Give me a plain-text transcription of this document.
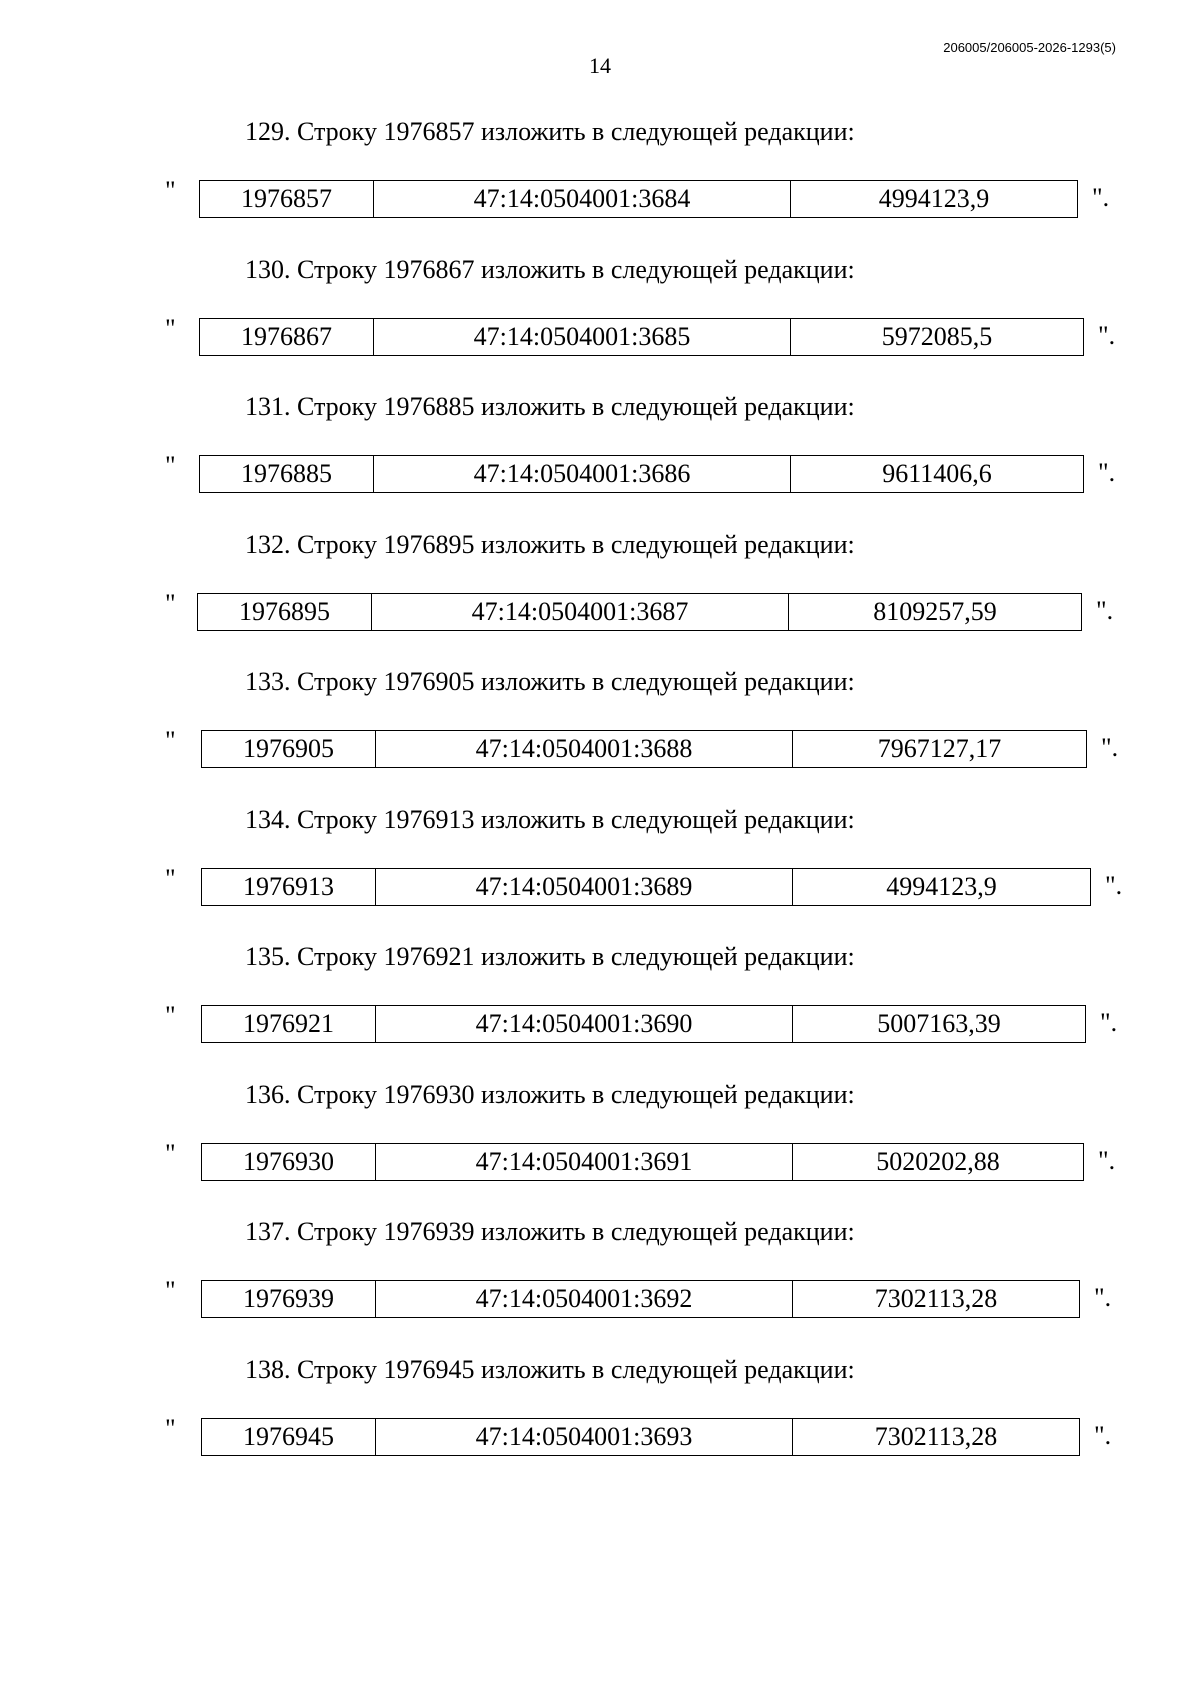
14
206005/206005-2026-1293(5)
129. Строку 1976857 изложить в следующей редакции:
"	1976857	47:14:0504001:3684	4994123,9	".
130. Строку 1976867 изложить в следующей редакции:
"	1976867	47:14:0504001:3685	5972085,5	".
131. Строку 1976885 изложить в следующей редакции:
"	1976885	47:14:0504001:3686	9611406,6	".
132. Строку 1976895 изложить в следующей редакции:
"	1976895	47:14:0504001:3687	8109257,59	".
133. Строку 1976905 изложить в следующей редакции:
"	1976905	47:14:0504001:3688	7967127,17	".
134. Строку 1976913 изложить в следующей редакции:
"	1976913	47:14:0504001:3689	4994123,9	".
135. Строку 1976921 изложить в следующей редакции:
"	1976921	47:14:0504001:3690	5007163,39	".
136. Строку 1976930 изложить в следующей редакции:
"	1976930	47:14:0504001:3691	5020202,88	".
137. Строку 1976939 изложить в следующей редакции:
"	1976939	47:14:0504001:3692	7302113,28	".
138. Строку 1976945 изложить в следующей редакции:
"	1976945	47:14:0504001:3693	7302113,28	".
